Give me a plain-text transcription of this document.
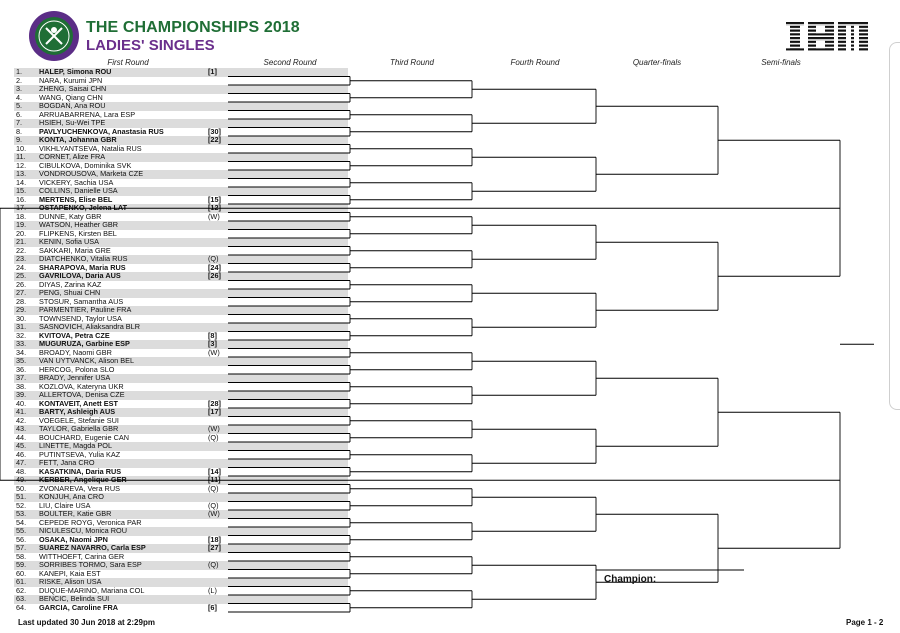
THE CHAMPIONSHIPS 2018
LADIES' SINGLES
First Round	Second Round	Third Round	Fourth Round	Quarter-finals	Semi-finals
1.	HALEP, Simona ROU	[1]
2.	NARA, Kurumi JPN
3.	ZHENG, Saisai CHN
4.	WANG, Qiang CHN
5.	BOGDAN, Ana ROU
6.	ARRUABARRENA, Lara ESP
7.	HSIEH, Su-Wei TPE
8.	PAVLYUCHENKOVA, Anastasia RUS	[30]
9.	KONTA, Johanna GBR	[22]
10.	VIKHLYANTSEVA, Natalia RUS
11.	CORNET, Alize FRA
12.	CIBULKOVA, Dominika SVK
13.	VONDROUSOVA, Marketa CZE
14.	VICKERY, Sachia USA
15.	COLLINS, Danielle USA
16.	MERTENS, Elise BEL	[15]
17.	OSTAPENKO, Jelena LAT	[12]
18.	DUNNE, Katy GBR	(W)
19.	WATSON, Heather GBR
20.	FLIPKENS, Kirsten BEL
21.	KENIN, Sofia USA
22.	SAKKARI, Maria GRE
23.	DIATCHENKO, Vitalia RUS	(Q)
24.	SHARAPOVA, Maria RUS	[24]
25.	GAVRILOVA, Daria AUS	[26]
26.	DIYAS, Zarina KAZ
27.	PENG, Shuai CHN
28.	STOSUR, Samantha AUS
29.	PARMENTIER, Pauline FRA
30.	TOWNSEND, Taylor USA
31.	SASNOVICH, Aliaksandra BLR
32.	KVITOVA, Petra CZE	[8]
33.	MUGURUZA, Garbine ESP	[3]
34.	BROADY, Naomi GBR	(W)
35.	VAN UYTVANCK, Alison BEL
36.	HERCOG, Polona SLO
37.	BRADY, Jennifer USA
38.	KOZLOVA, Kateryna UKR
39.	ALLERTOVA, Denisa CZE
40.	KONTAVEIT, Anett EST	[28]
41.	BARTY, Ashleigh AUS	[17]
42.	VOEGELE, Stefanie SUI
43.	TAYLOR, Gabriella GBR	(W)
44.	BOUCHARD, Eugenie CAN	(Q)
45.	LINETTE, Magda POL
46.	PUTINTSEVA, Yulia KAZ
47.	FETT, Jana CRO
48.	KASATKINA, Daria RUS	[14]
49.	KERBER, Angelique GER	[11]
50.	ZVONAREVA, Vera RUS	(Q)
51.	KONJUH, Ana CRO
52.	LIU, Claire USA	(Q)
53.	BOULTER, Katie GBR	(W)
54.	CEPEDE ROYG, Veronica PAR
55.	NICULESCU, Monica ROU
56.	OSAKA, Naomi JPN	[18]
57.	SUAREZ NAVARRO, Carla ESP	[27]
58.	WITTHOEFT, Carina GER
59.	SORRIBES TORMO, Sara ESP	(Q)
60.	KANEPI, Kaia EST
61.	RISKE, Alison USA
62.	DUQUE-MARINO, Mariana COL	(L)
63.	BENCIC, Belinda SUI
64.	GARCIA, Caroline FRA	[6]
Champion:
Last updated 30 Jun 2018 at 2:29pm	Page 1 - 2
